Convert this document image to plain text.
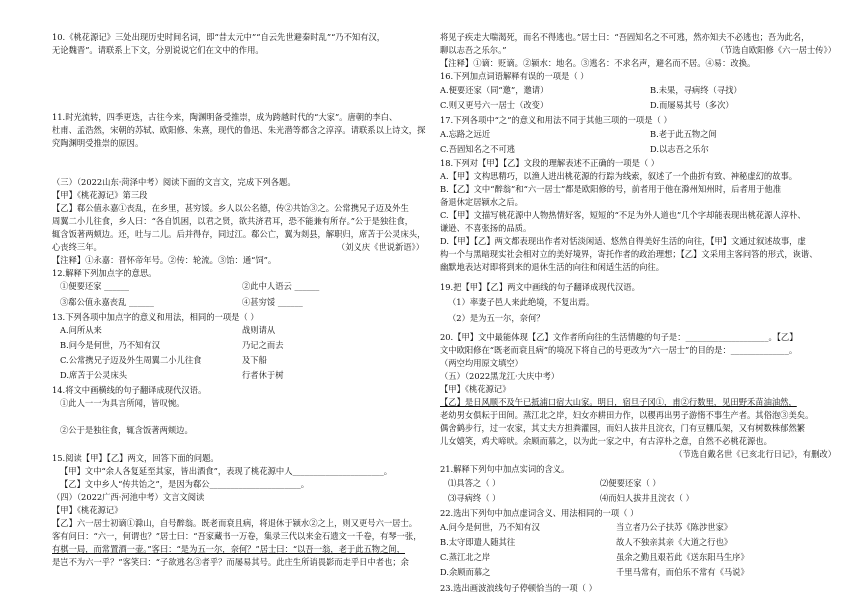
10.《桃花源记》三处出现历史时间名词，即“昔太元中”“自云先世避秦时乱”“乃不知有汉，
无论魏晋”。请联系上下文，分别说说它们在文中的作用。
11.时光流转，四季更迭，古往今来，陶渊明备受推崇，成为跨越时代的“大家”。唐朝的李白、
杜甫、孟浩然，宋朝的苏轼、欧阳修、朱熹，现代的鲁迅、朱光潜等都含之淳淳。请联系以上诗文，探
究陶渊明受推崇的原因。
（三）（2022山东·菏泽中考）阅读下面的文言文，完成下列各题。
【甲】《桃花源记》第三段
【乙】郗公值永嘉①丧乱，在乡里，甚穷馁。乡人以公名德，传②共饴③之。公常携兄子迈及外生
周翼二小儿往食，乡人曰：“各自饥困，以君之贤，欲共济君耳，恐不能兼有所存。”公于是独往食，
辄含饭著两颊边。还，吐与二儿。后并得存，同过江。郗公亡，翼为剡县，解职归，席苫于公灵床头，
心丧终三年。	（刘义庆《世说新语》）
【注释】①永嘉：晋怀帝年号。②传：轮流。③饴：通“饲”。
12.解释下列加点字的意思。
①便要还家 ______	②此中人语云 ______
③郗公值永嘉丧乱 ______	④甚穷馁 ______
13.下列各项中加点字的意义和用法，相同的一项是（ ）
A.问所从来	战则请从
B.问今是何世，乃不知有汉	乃记之而去
C.公常携兄子迈及外生周翼二小儿往食	及下船
D.席苫于公灵床头	行者休于树
14.将文中画横线的句子翻译成现代汉语。
①此人一一为具言所闻，皆叹惋。
②公于是独往食，辄含饭著两颊边。
15.阅读【甲】【乙】两文，回答下面的问题。
【甲】文中“余人各复延至其家，皆出酒食”，表现了桃花源中人______________________。
【乙】文中乡人“传共饴之”，是因为郗公______________________。
（四）（2022广西·河池中考）文言文阅读
【甲】《桃花源记》
【乙】六一居士初谪①滁山，自号醉翁。既老而衰且病，将退休于颍水②之上，则又更号六一居士。
客有问曰：“六一，何谓也？”居士曰：“吾家藏书一万卷，集录三代以来金石遗文一千卷，有琴一张，
有棋一局，而常置酒一壶。”客曰：“是为五一尔，奈何？”居士曰：“以吾一翁，老于此五物之间，
是岂不为六一乎？”客笑曰：“子欲逃名③者乎？而屡易其号。此庄生所诮畏影而走乎日中者也；余
将见子疾走大喘渴死，而名不得逃也。”居士曰：“吾固知名之不可逃，然亦知夫不必逃也；吾为此名，
聊以志吾之乐尔。”	（节选自欧阳修《六一居士传》）
【注释】①谪：贬谪。②颍水：地名。③逃名：不求名声，避名而不居。④易：改换。
16.下列加点词语解释有误的一项是（ ）
A.便要还家（同“邀”，邀请）	B.未果，寻病终（寻找）
C.则又更号六一居士（改变）	D.而屡易其号（多次）
17.下列各项中“之”的意义和用法不同于其他三项的一项是（ ）
A.忘路之远近	B.老于此五物之间
C.吾固知名之不可逃	D.以志吾之乐尔
18.下列对【甲】【乙】文段的理解表述不正确的一项是（ ）
A.【甲】文构思精巧，以渔人进出桃花源的行踪为线索，叙述了一个曲折有致、神秘虚幻的故事。
B.【乙】文中“醉翁”和“六一居士”都是欧阳修的号，前者用于他在滁州知州时，后者用于他准
备退休定居颍水之后。
C.【甲】文描写桃花源中人物热情好客，短短的“不足为外人道也”几个字却能表现出桃花源人淳朴、
谦逊、不喜张扬的品质。
D.【甲】【乙】两文都表现出作者对恬淡闲适、悠然自得美好生活的向往，【甲】文通过叙述故事，虚
构一个与黑暗现实社会相对立的美好境界，寄托作者的政治理想；【乙】文采用主客问答的形式，诙谐、
幽默地表达对即将到来的退休生活的向往和闲适生活的向往。
19.把【甲】【乙】两文中画线的句子翻译成现代汉语。
（1）率妻子邑人来此绝境，不复出焉。
（2）是为五一尔，奈何？
20.【甲】文中最能体现【乙】文作者所向往的生活情趣的句子是：____________________。【乙】
文中欧阳修在“既老而衰且病”的境况下将自己的号更改为“六一居士”的目的是：______________。
（两空均用原文填空）
（五）（2022黑龙江·大庆中考）
【甲】《桃花源记》
【乙】是日风顺不及午已抵浦口宿大山家。明日，宿旦子冈①，甫②行数里，见田野禾苗油油然，
老幼男女俱耘于田间。蒸江北之岸，妇女亦耕田力作，以稷再出男子游惰不事生产者。其俗泡③美矣。
偶舍鹤步行，过一农家，其丈夫方担粪灌园，而妇人拔井且浣衣，门有豆棚瓜架，又有树数株郁然繁
儿女嬉笑，鸡犬啼吠。余顾而慕之，以为此一家之中，有古淳朴之意，自然不必桃花源也。
（节选自戴名世《已亥北行日记》，有删改）
21.解释下列句中加点实词的含义。
⑴具答之（ ）	⑵便要还家（ ）
⑶寻病终（ ）	⑷而妇人拔井且浣衣（ ）
22.选出下列句中加点虚词含义、用法相同的一项（ ）
A.问今是何世，乃不知有汉	当立者乃公子扶苏《陈涉世家》
B.太守即遣人随其往	故人不独亲其亲《大道之行也》
C.蒸江北之岸	虽余之勤且艰若此《送东阳马生序》
D.余顾而慕之	千里马常有，而伯乐不常有《马说》
23.选出画波浪线句子停顿恰当的一项（ ）
